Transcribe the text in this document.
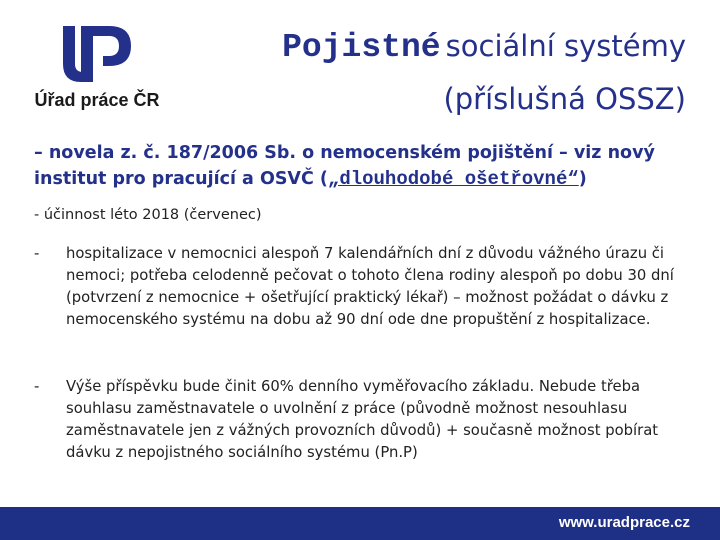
Úřad práce ČR
Pojistné sociální systémy
(příslušná OSSZ)
– novela z. č. 187/2006 Sb. o nemocenském pojištění – viz nový institut pro pracující a OSVČ („dlouhodobé ošetřovné“)
- účinnost léto 2018 (červenec)
- hospitalizace v nemocnici alespoň 7 kalendářních dní z důvodu vážného úrazu či nemoci; potřeba celodenně pečovat o tohoto člena rodiny alespoň po dobu 30 dní (potvrzení z nemocnice + ošetřující praktický lékař) – možnost požádat o dávku z nemocenského systému na dobu až 90 dní ode dne propuštění z hospitalizace.
- Výše příspěvku bude činit 60% denního vyměřovacího základu. Nebude třeba souhlasu zaměstnavatele o uvolnění z práce (původně možnost nesouhlasu zaměstnavatele jen z vážných provozních důvodů) + současně možnost pobírat dávku z nepojistného sociálního systému (Pn.P)
www.uradprace.cz
